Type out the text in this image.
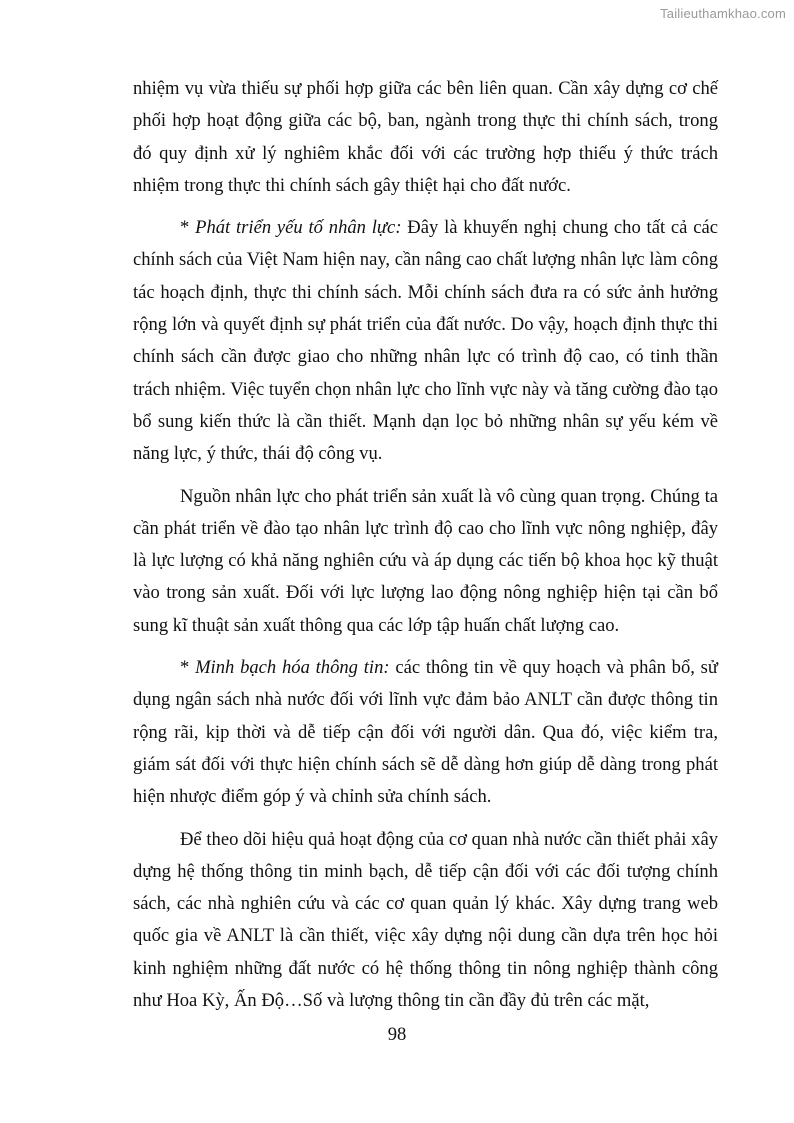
Tailieuthamkhao.com

nhiệm vụ vừa thiếu sự phối hợp giữa các bên liên quan. Cần xây dựng cơ chế phối hợp hoạt động giữa các bộ, ban, ngành trong thực thi chính sách, trong đó quy định xử lý nghiêm khắc đối với các trường hợp thiếu ý thức trách nhiệm trong thực thi chính sách gây thiệt hại cho đất nước.

* Phát triển yếu tố nhân lực: Đây là khuyến nghị chung cho tất cả các chính sách của Việt Nam hiện nay, cần nâng cao chất lượng nhân lực làm công tác hoạch định, thực thi chính sách. Mỗi chính sách đưa ra có sức ảnh hưởng rộng lớn và quyết định sự phát triển của đất nước. Do vậy, hoạch định thực thi chính sách cần được giao cho những nhân lực có trình độ cao, có tinh thần trách nhiệm. Việc tuyển chọn nhân lực cho lĩnh vực này và tăng cường đào tạo bổ sung kiến thức là cần thiết. Mạnh dạn lọc bỏ những nhân sự yếu kém về năng lực, ý thức, thái độ công vụ.

Nguồn nhân lực cho phát triển sản xuất là vô cùng quan trọng. Chúng ta cần phát triển về đào tạo nhân lực trình độ cao cho lĩnh vực nông nghiệp, đây là lực lượng có khả năng nghiên cứu và áp dụng các tiến bộ khoa học kỹ thuật vào trong sản xuất. Đối với lực lượng lao động nông nghiệp hiện tại cần bổ sung kĩ thuật sản xuất thông qua các lớp tập huấn chất lượng cao.

* Minh bạch hóa thông tin: các thông tin về quy hoạch và phân bổ, sử dụng ngân sách nhà nước đối với lĩnh vực đảm bảo ANLT cần được thông tin rộng rãi, kịp thời và dễ tiếp cận đối với người dân. Qua đó, việc kiểm tra, giám sát đối với thực hiện chính sách sẽ dễ dàng hơn giúp dễ dàng trong phát hiện nhược điểm góp ý và chỉnh sửa chính sách.

Để theo dõi hiệu quả hoạt động của cơ quan nhà nước cần thiết phải xây dựng hệ thống thông tin minh bạch, dễ tiếp cận đối với các đối tượng chính sách, các nhà nghiên cứu và các cơ quan quản lý khác. Xây dựng trang web quốc gia về ANLT là cần thiết, việc xây dựng nội dung cần dựa trên học hỏi kinh nghiệm những đất nước có hệ thống thông tin nông nghiệp thành công như Hoa Kỳ, Ấn Độ…Số và lượng thông tin cần đầy đủ trên các mặt,

98
